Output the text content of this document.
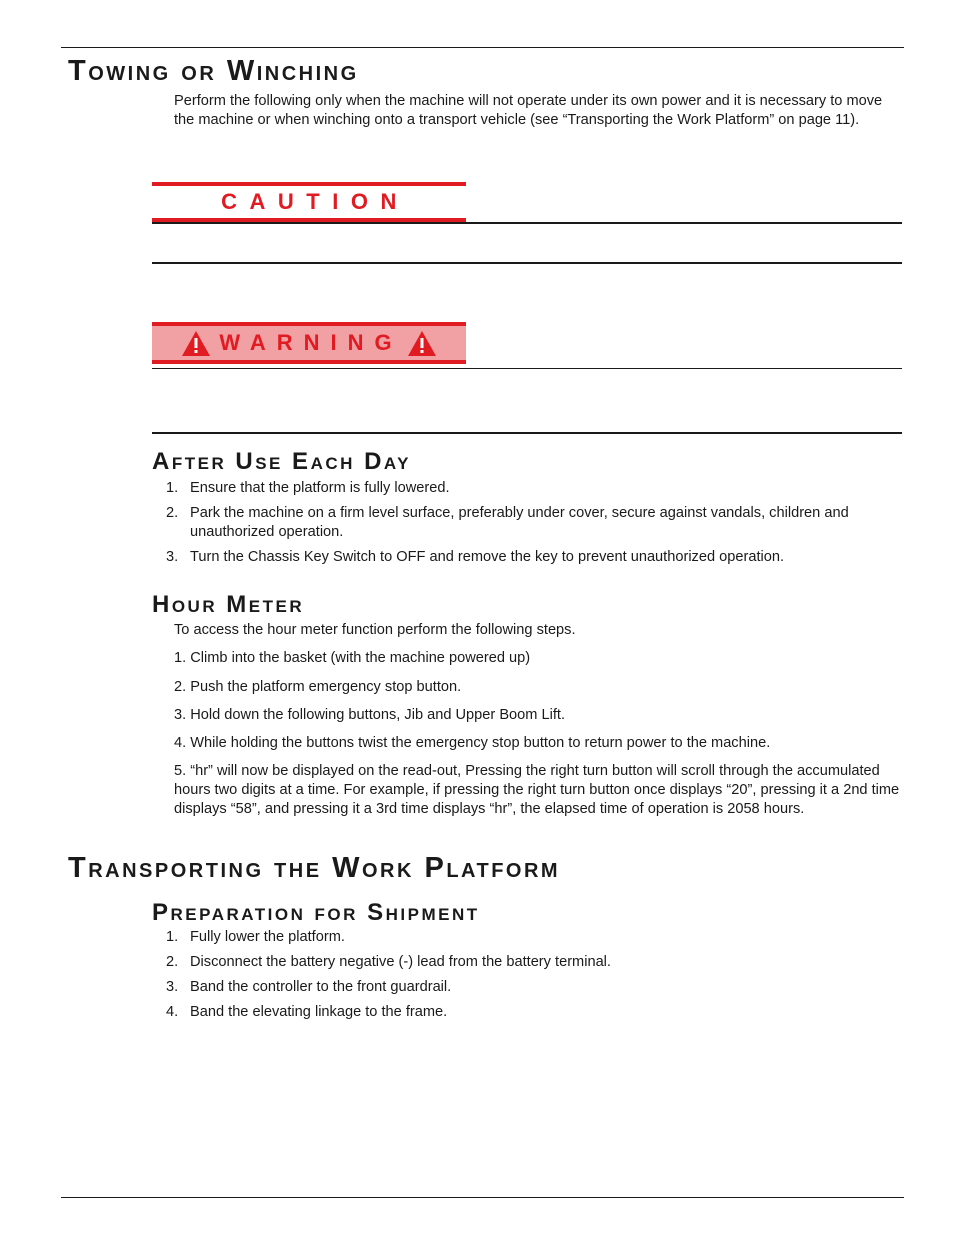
Towing or Winching

Perform the following only when the machine will not operate under its own power and it is necessary to move the machine or when winching onto a transport vehicle (see “Transporting the Work Platform” on page 11).

CAUTION
WARNING
After Use Each Day
1. Ensure that the platform is fully lowered.
2. Park the machine on a firm level surface, preferably under cover, secure against vandals, children and unauthorized operation.
3. Turn the Chassis Key Switch to OFF and remove the key to prevent unauthorized operation.
Hour Meter

To access the hour meter function perform the following steps.

1. Climb into the basket (with the machine powered up)

2. Push the platform emergency stop button.

3. Hold down the following buttons, Jib and Upper Boom Lift.

4. While holding the buttons twist the emergency stop button to return power to the machine.

5. “hr” will now be displayed on the read-out, Pressing the right turn button will scroll through the accumulated hours two digits at a time. For example, if pressing the right turn button once displays “20”, pressing it a 2nd time displays “58”, and pressing it a 3rd time displays “hr”, the elapsed time of operation is 2058 hours.

Transporting the Work Platform
Preparation for Shipment
1. Fully lower the platform.
2. Disconnect the battery negative (-) lead from the battery terminal.
3. Band the controller to the front guardrail.
4. Band the elevating linkage to the frame.
